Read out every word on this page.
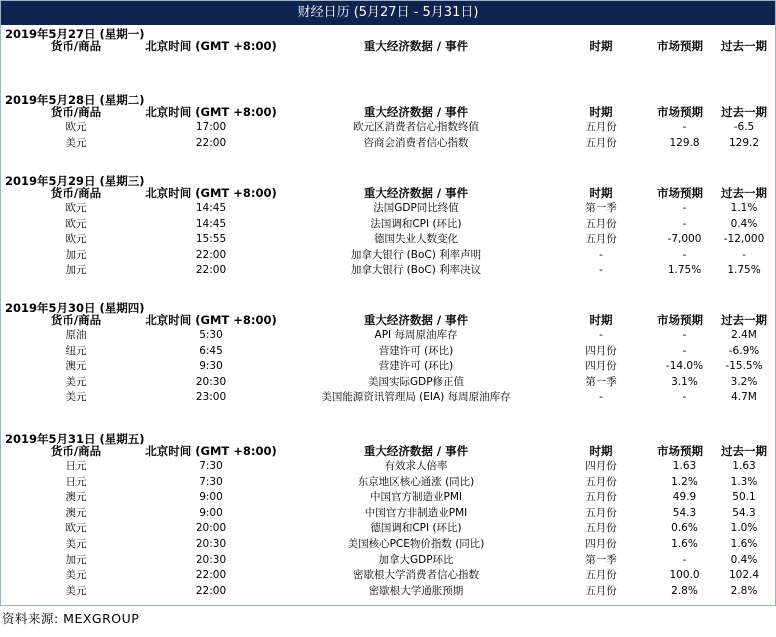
财经日历 (5月27日 - 5月31日)
2019年5月27日 (星期一)
货币/商品	北京时间 (GMT +8:00)	重大经济数据 / 事件	时期	市场预期	过去一期
2019年5月28日 (星期二)
货币/商品	北京时间 (GMT +8:00)	重大经济数据 / 事件	时期	市场预期	过去一期
欧元	17:00	欧元区消费者信心指数终值	五月份	-	-6.5
美元	22:00	咨商会消费者信心指数	五月份	129.8	129.2
2019年5月29日 (星期三)
货币/商品	北京时间 (GMT +8:00)	重大经济数据 / 事件	时期	市场预期	过去一期
欧元	14:45	法国GDP同比终值	第一季	-	1.1%
欧元	14:45	法国调和CPI (环比)	五月份	-	0.4%
欧元	15:55	德国失业人数变化	五月份	-7,000	-12,000
加元	22:00	加拿大银行 (BoC) 利率声明	-	-	-
加元	22:00	加拿大银行 (BoC) 利率决议	-	1.75%	1.75%
2019年5月30日 (星期四)
货币/商品	北京时间 (GMT +8:00)	重大经济数据 / 事件	时期	市场预期	过去一期
原油	5:30	API 每周原油库存	-	-	2.4M
纽元	6:45	营建许可 (环比)	四月份	-	-6.9%
澳元	9:30	营建许可 (环比)	四月份	-14.0%	-15.5%
美元	20:30	美国实际GDP修正值	第一季	3.1%	3.2%
美元	23:00	美国能源资讯管理局 (EIA) 每周原油库存	-	-	4.7M
2019年5月31日 (星期五)
货币/商品	北京时间 (GMT +8:00)	重大经济数据 / 事件	时期	市场预期	过去一期
日元	7:30	有效求人倍率	四月份	1.63	1.63
日元	7:30	东京地区核心通涨 (同比)	五月份	1.2%	1.3%
澳元	9:00	中国官方制造业PMI	五月份	49.9	50.1
澳元	9:00	中国官方非制造业PMI	五月份	54.3	54.3
欧元	20:00	德国调和CPI (环比)	五月份	0.6%	1.0%
美元	20:30	美国核心PCE物价指数 (同比)	四月份	1.6%	1.6%
加元	20:30	加拿大GDP环比	第一季	-	0.4%
美元	22:00	密歇根大学消费者信心指数	五月份	100.0	102.4
美元	22:00	密歇根大学通胀预期	五月份	2.8%	2.8%
资料来源: MEXGROUP
